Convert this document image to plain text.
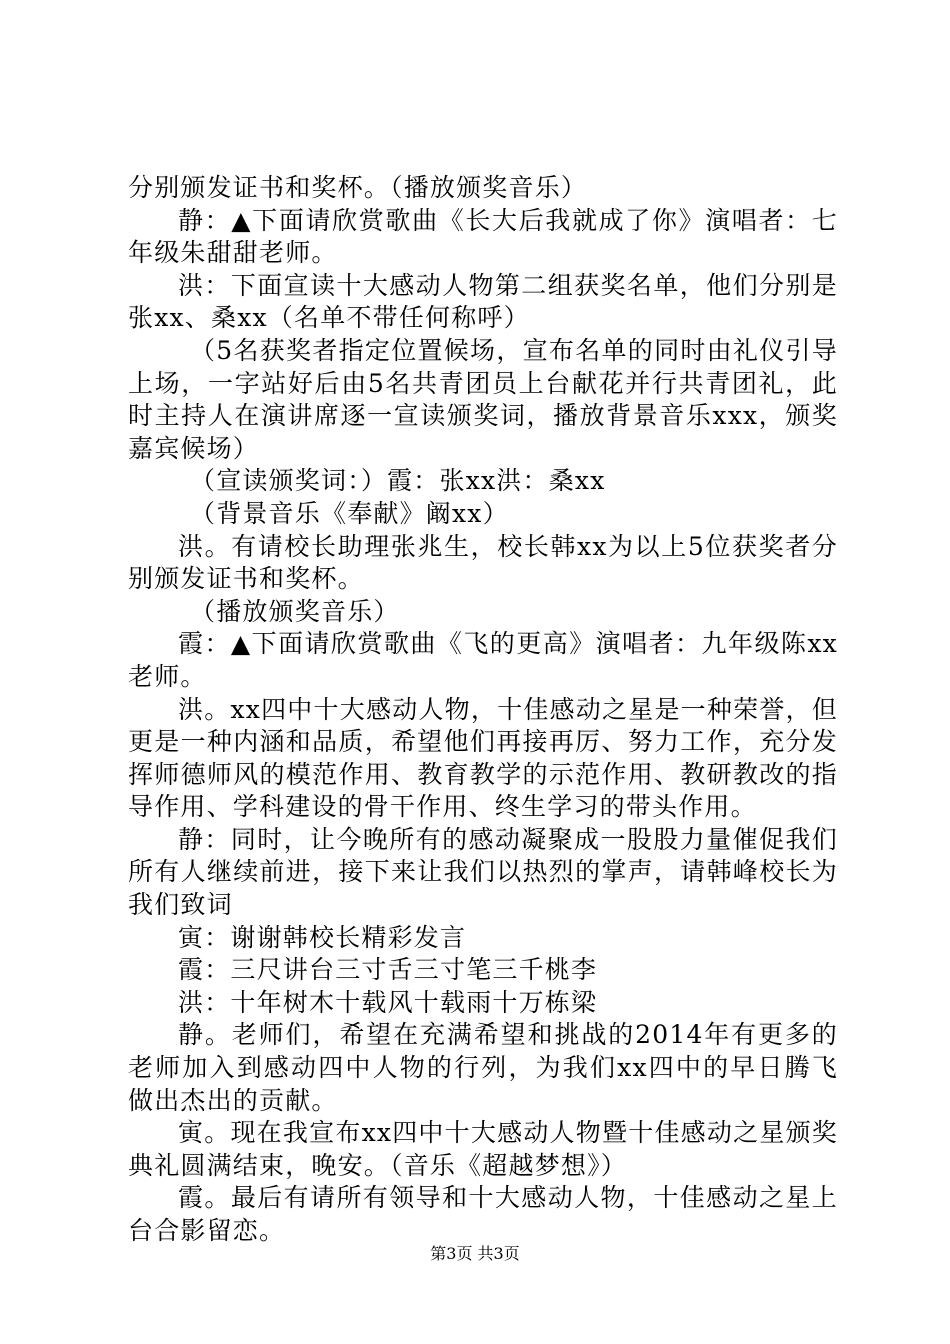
分别颁发证书和奖杯。（播放颁奖音乐）

静：▲下面请欣赏歌曲《长大后我就成了你》演唱者：七年级朱甜甜老师。

洪：下面宣读十大感动人物第二组获奖名单，他们分别是张xx、桑xx（名单不带任何称呼）

（5名获奖者指定位置候场，宣布名单的同时由礼仪引导上场，一字站好后由5名共青团员上台献花并行共青团礼，此时主持人在演讲席逐一宣读颁奖词，播放背景音乐xxx，颁奖嘉宾候场）

（宣读颁奖词：）霞：张xx洪：桑xx

（背景音乐《奉献》阚xx）

洪。有请校长助理张兆生，校长韩xx为以上5位获奖者分别颁发证书和奖杯。

（播放颁奖音乐）

霞：▲下面请欣赏歌曲《飞的更高》演唱者：九年级陈xx老师。

洪。xx四中十大感动人物，十佳感动之星是一种荣誉，但更是一种内涵和品质，希望他们再接再厉、努力工作，充分发挥师德师风的模范作用、教育教学的示范作用、教研教改的指导作用、学科建设的骨干作用、终生学习的带头作用。

静：同时，让今晚所有的感动凝聚成一股股力量催促我们所有人继续前进，接下来让我们以热烈的掌声，请韩峰校长为我们致词

寅：谢谢韩校长精彩发言

霞：三尺讲台三寸舌三寸笔三千桃李

洪：十年树木十载风十载雨十万栋梁

静。老师们，希望在充满希望和挑战的2014年有更多的老师加入到感动四中人物的行列，为我们xx四中的早日腾飞做出杰出的贡献。

寅。现在我宣布xx四中十大感动人物暨十佳感动之星颁奖典礼圆满结束，晚安。（音乐《超越梦想》）

霞。最后有请所有领导和十大感动人物，十佳感动之星上台合影留恋。

第3页 共3页
